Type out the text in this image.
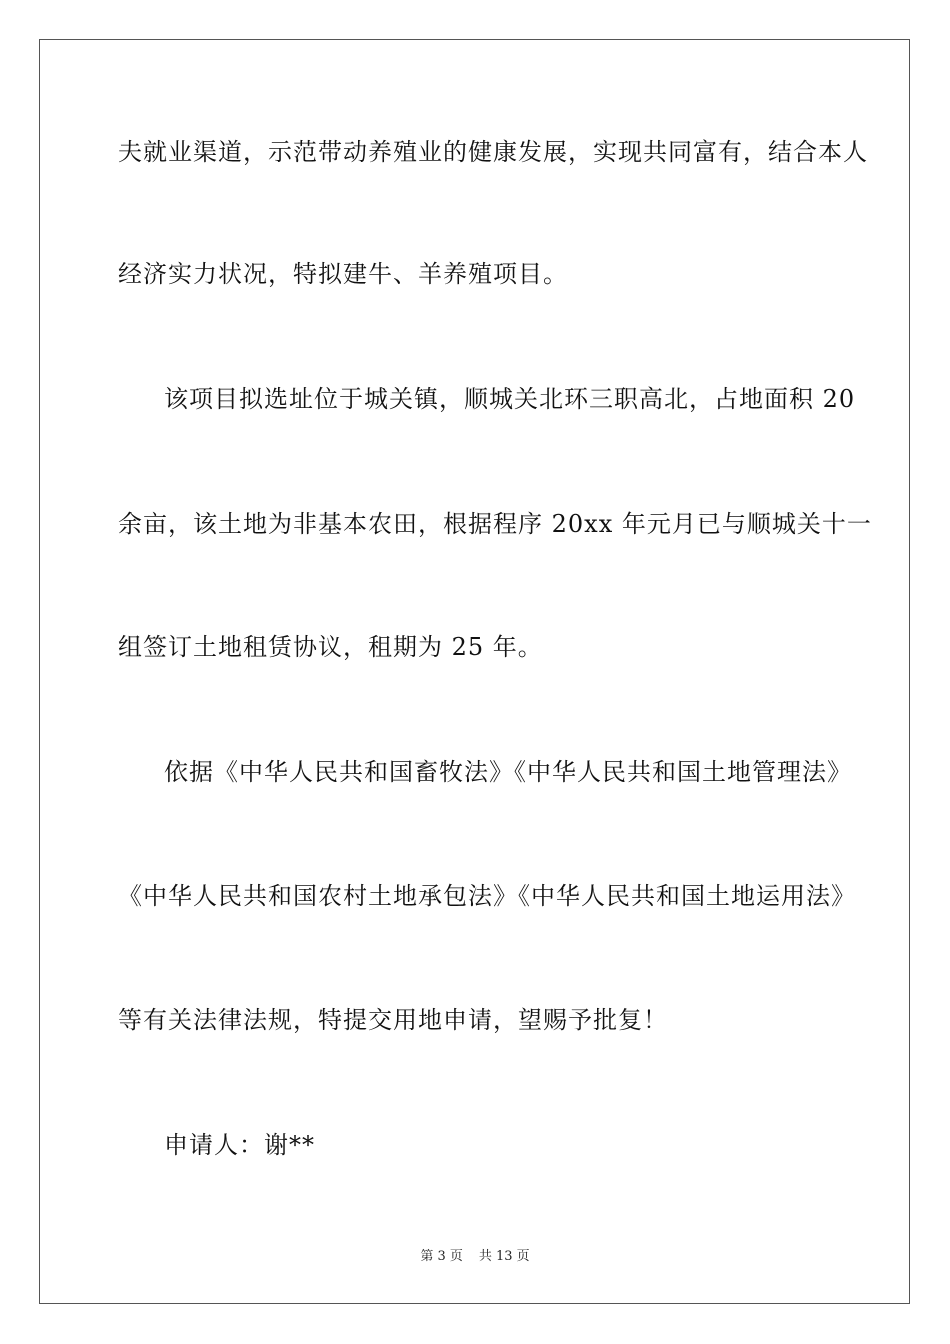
夫就业渠道，示范带动养殖业的健康发展，实现共同富有，结合本人
经济实力状况，特拟建牛、羊养殖项目。
该项目拟选址位于城关镇，顺城关北环三职高北，占地面积 20
余亩，该土地为非基本农田，根据程序 20xx 年元月已与顺城关十一
组签订土地租赁协议，租期为 25 年。
依据《中华人民共和国畜牧法》《中华人民共和国土地管理法》
《中华人民共和国农村土地承包法》《中华人民共和国土地运用法》
等有关法律法规，特提交用地申请，望赐予批复！
申请人：谢**
第 3 页 共 13 页
